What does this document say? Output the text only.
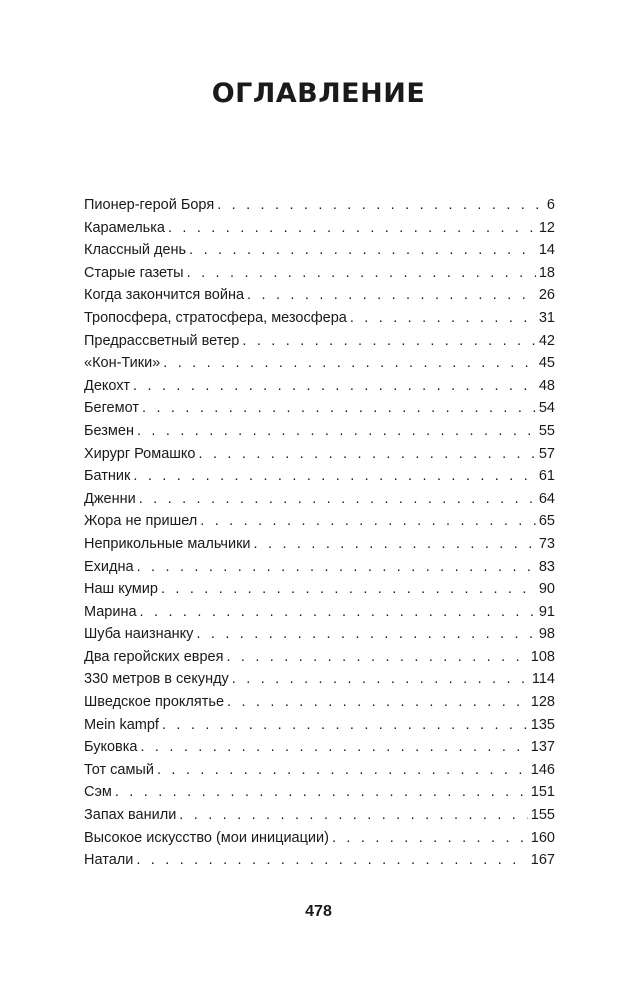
ОГЛАВЛЕНИЕ
Пионер-герой Боря . . .	6
Карамелька . . .	12
Классный день . . .	14
Старые газеты . . .	18
Когда закончится война . . .	26
Тропосфера, стратосфера, мезосфера . . .	31
Предрассветный ветер . . .	42
«Кон-Тики» . . .	45
Декохт . . .	48
Бегемот . . .	54
Безмен . . .	55
Хирург Ромашко . . .	57
Батник . . .	61
Дженни . . .	64
Жора не пришел . . .	65
Неприкольные мальчики . . .	73
Ехидна . . .	83
Наш кумир . . .	90
Марина . . .	91
Шуба наизнанку . . .	98
Два геройских еврея . . .	108
330 метров в секунду . . .	114
Шведское проклятье . . .	128
Mein kampf . . .	135
Буковка . . .	137
Тот самый . . .	146
Сэм . . .	151
Запах ванили . . .	155
Высокое искусство (мои инициации) . . .	160
Натали . . .	167
478
